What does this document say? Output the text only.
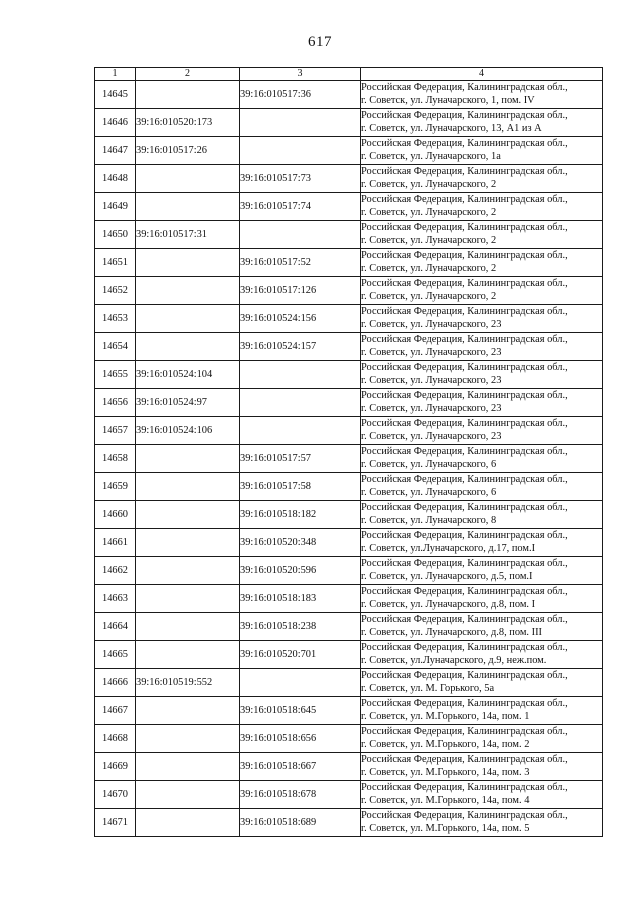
617
1	2	3	4
14645		39:16:010517:36	Российская Федерация, Калининградская обл.,
г. Советск, ул. Луначарского, 1, пом. IV

14646	39:16:010520:173		Российская Федерация, Калининградская обл.,
г. Советск, ул. Луначарского, 13, А1 из А

14647	39:16:010517:26		Российская Федерация, Калининградская обл.,
г. Советск, ул. Луначарского, 1а

14648		39:16:010517:73	Российская Федерация, Калининградская обл.,
г. Советск, ул. Луначарского, 2

14649		39:16:010517:74	Российская Федерация, Калининградская обл.,
г. Советск, ул. Луначарского, 2

14650	39:16:010517:31		Российская Федерация, Калининградская обл.,
г. Советск, ул. Луначарского, 2

14651		39:16:010517:52	Российская Федерация, Калининградская обл.,
г. Советск, ул. Луначарского, 2

14652		39:16:010517:126	Российская Федерация, Калининградская обл.,
г. Советск, ул. Луначарского, 2

14653		39:16:010524:156	Российская Федерация, Калининградская обл.,
г. Советск, ул. Луначарского, 23

14654		39:16:010524:157	Российская Федерация, Калининградская обл.,
г. Советск, ул. Луначарского, 23

14655	39:16:010524:104		Российская Федерация, Калининградская обл.,
г. Советск, ул. Луначарского, 23

14656	39:16:010524:97		Российская Федерация, Калининградская обл.,
г. Советск, ул. Луначарского, 23

14657	39:16:010524:106		Российская Федерация, Калининградская обл.,
г. Советск, ул. Луначарского, 23

14658		39:16:010517:57	Российская Федерация, Калининградская обл.,
г. Советск, ул. Луначарского, 6

14659		39:16:010517:58	Российская Федерация, Калининградская обл.,
г. Советск, ул. Луначарского, 6

14660		39:16:010518:182	Российская Федерация, Калининградская обл.,
г. Советск, ул. Луначарского, 8

14661		39:16:010520:348	Российская Федерация, Калининградская обл.,
г. Советск, ул.Луначарского, д.17, пом.I

14662		39:16:010520:596	Российская Федерация, Калининградская обл.,
г. Советск, ул. Луначарского, д.5, пом.I

14663		39:16:010518:183	Российская Федерация, Калининградская обл.,
г. Советск, ул. Луначарского, д.8, пом. I

14664		39:16:010518:238	Российская Федерация, Калининградская обл.,
г. Советск, ул. Луначарского, д.8, пом. III

14665		39:16:010520:701	Российская Федерация, Калининградская обл.,
г. Советск, ул.Луначарского, д.9, неж.пом.

14666	39:16:010519:552		Российская Федерация, Калининградская обл.,
г. Советск, ул. М. Горького, 5а

14667		39:16:010518:645	Российская Федерация, Калининградская обл.,
г. Советск, ул. М.Горького, 14а, пом. 1

14668		39:16:010518:656	Российская Федерация, Калининградская обл.,
г. Советск, ул. М.Горького, 14а, пом. 2

14669		39:16:010518:667	Российская Федерация, Калининградская обл.,
г. Советск, ул. М.Горького, 14а, пом. 3

14670		39:16:010518:678	Российская Федерация, Калининградская обл.,
г. Советск, ул. М.Горького, 14а, пом. 4

14671		39:16:010518:689	Российская Федерация, Калининградская обл.,
г. Советск, ул. М.Горького, 14а, пом. 5
